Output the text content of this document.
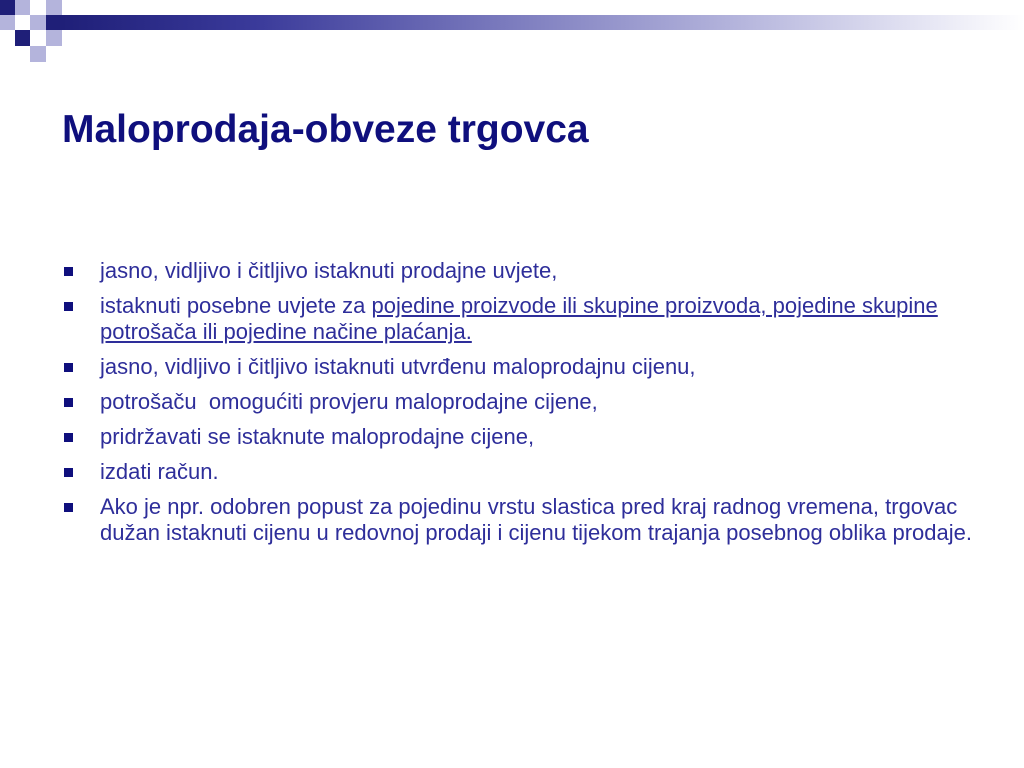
Maloprodaja-obveze trgovca
jasno, vidljivo i čitljivo istaknuti prodajne uvjete,
istaknuti posebne uvjete za pojedine proizvode ili skupine proizvoda, pojedine skupine potrošača ili pojedine načine plaćanja.
jasno, vidljivo i čitljivo istaknuti utvrđenu maloprodajnu cijenu,
potrošaču  omogućiti provjeru maloprodajne cijene,
pridržavati se istaknute maloprodajne cijene,
izdati račun.
Ako je npr. odobren popust za pojedinu vrstu slastica pred kraj radnog vremena, trgovac dužan istaknuti cijenu u redovnoj prodaji i cijenu tijekom trajanja posebnog oblika prodaje.
